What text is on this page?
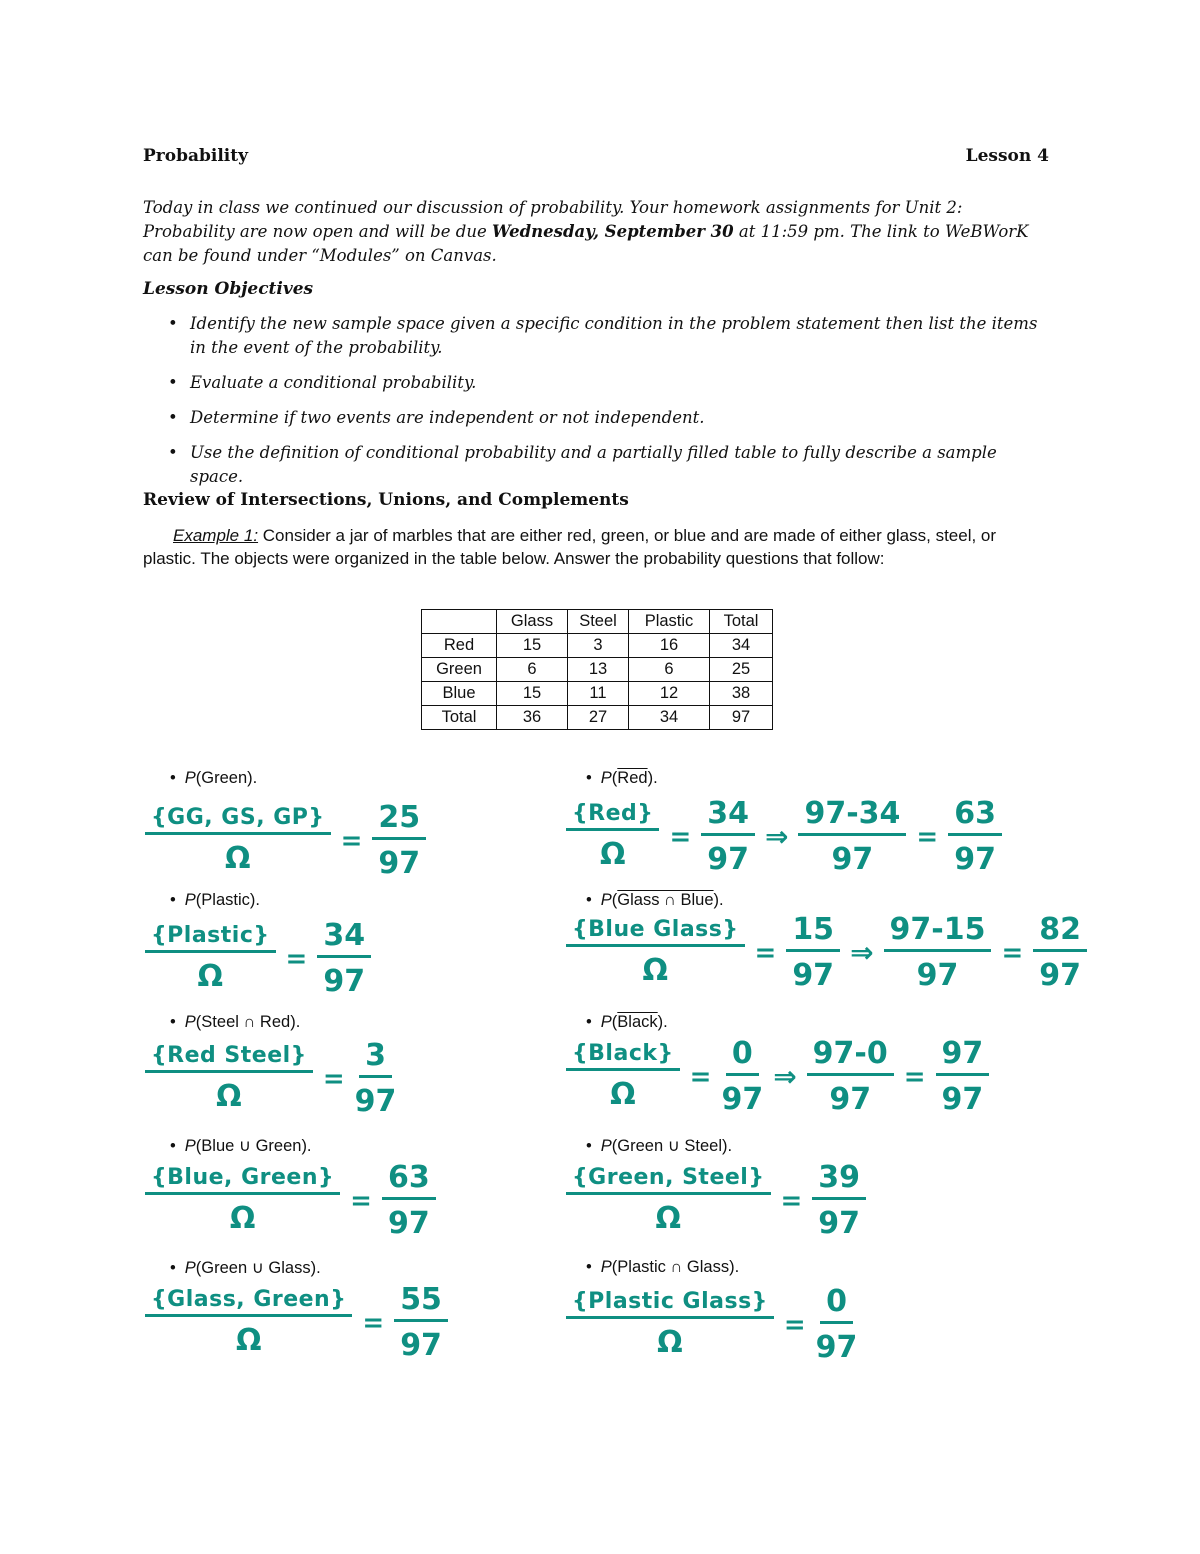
Probability	Lesson 4
Today in class we continued our discussion of probability. Your homework assignments for Unit 2: Probability are now open and will be due Wednesday, September 30 at 11:59 pm. The link to WeBWorK can be found under “Modules” on Canvas.
Lesson Objectives
• Identify the new sample space given a specific condition in the problem statement then list the items in the event of the probability.
• Evaluate a conditional probability.
• Determine if two events are independent or not independent.
• Use the definition of conditional probability and a partially filled table to fully describe a sample space.
Review of Intersections, Unions, and Complements
Example 1: Consider a jar of marbles that are either red, green, or blue and are made of either glass, steel, or plastic. The objects were organized in the table below. Answer the probability questions that follow:
	Glass	Steel	Plastic	Total
Red	15	3	16	34
Green	6	13	6	25
Blue	15	11	12	38
Total	36	27	34	97
• P(Green).	• $P(\overline{Red})$.
• P(Plastic).	• P(Glass ∩ Blue).
• P(Steel ∩ Red).	• P(Black).
• P(Blue ∪ Green).	• P(Green ∪ Steel).
• P(Green ∪ Glass).	• P(Plastic ∩ Glass).
$\frac{\{GG, GS, GP\}}{\Omega} = \frac{25}{97}$	$\frac{\text{\{Red\}}}{\Omega} = \frac{34}{97}$ ⇒ $\frac{97-34}{97} = \frac{63}{97}$
$\frac{\text{\{Plastic\}}}{\Omega} = \frac{34}{97}$	$\frac{\text{\{Blue Glass\}}}{\Omega} = \frac{15}{97}$ ⇒ $\frac{97-15}{97} = \frac{82}{97}$
$\frac{\text{\{Red Steel\}}}{\Omega} = \frac{3}{97}$	$\frac{\text{\{Black\}}}{\Omega} = \frac{0}{97}$ ⇒ $\frac{97-0}{97} = \frac{97}{97}$
$\frac{\text{\{Blue, Green\}}}{\Omega} = \frac{63}{97}$	$\frac{\text{\{Green, Steel\}}}{\Omega} = \frac{39}{97}$
$\frac{\text{\{Glass, Green\}}}{\Omega} = \frac{55}{97}$	$\frac{\text{\{Plastic Glass\}}}{\Omega} = \frac{0}{97}$
